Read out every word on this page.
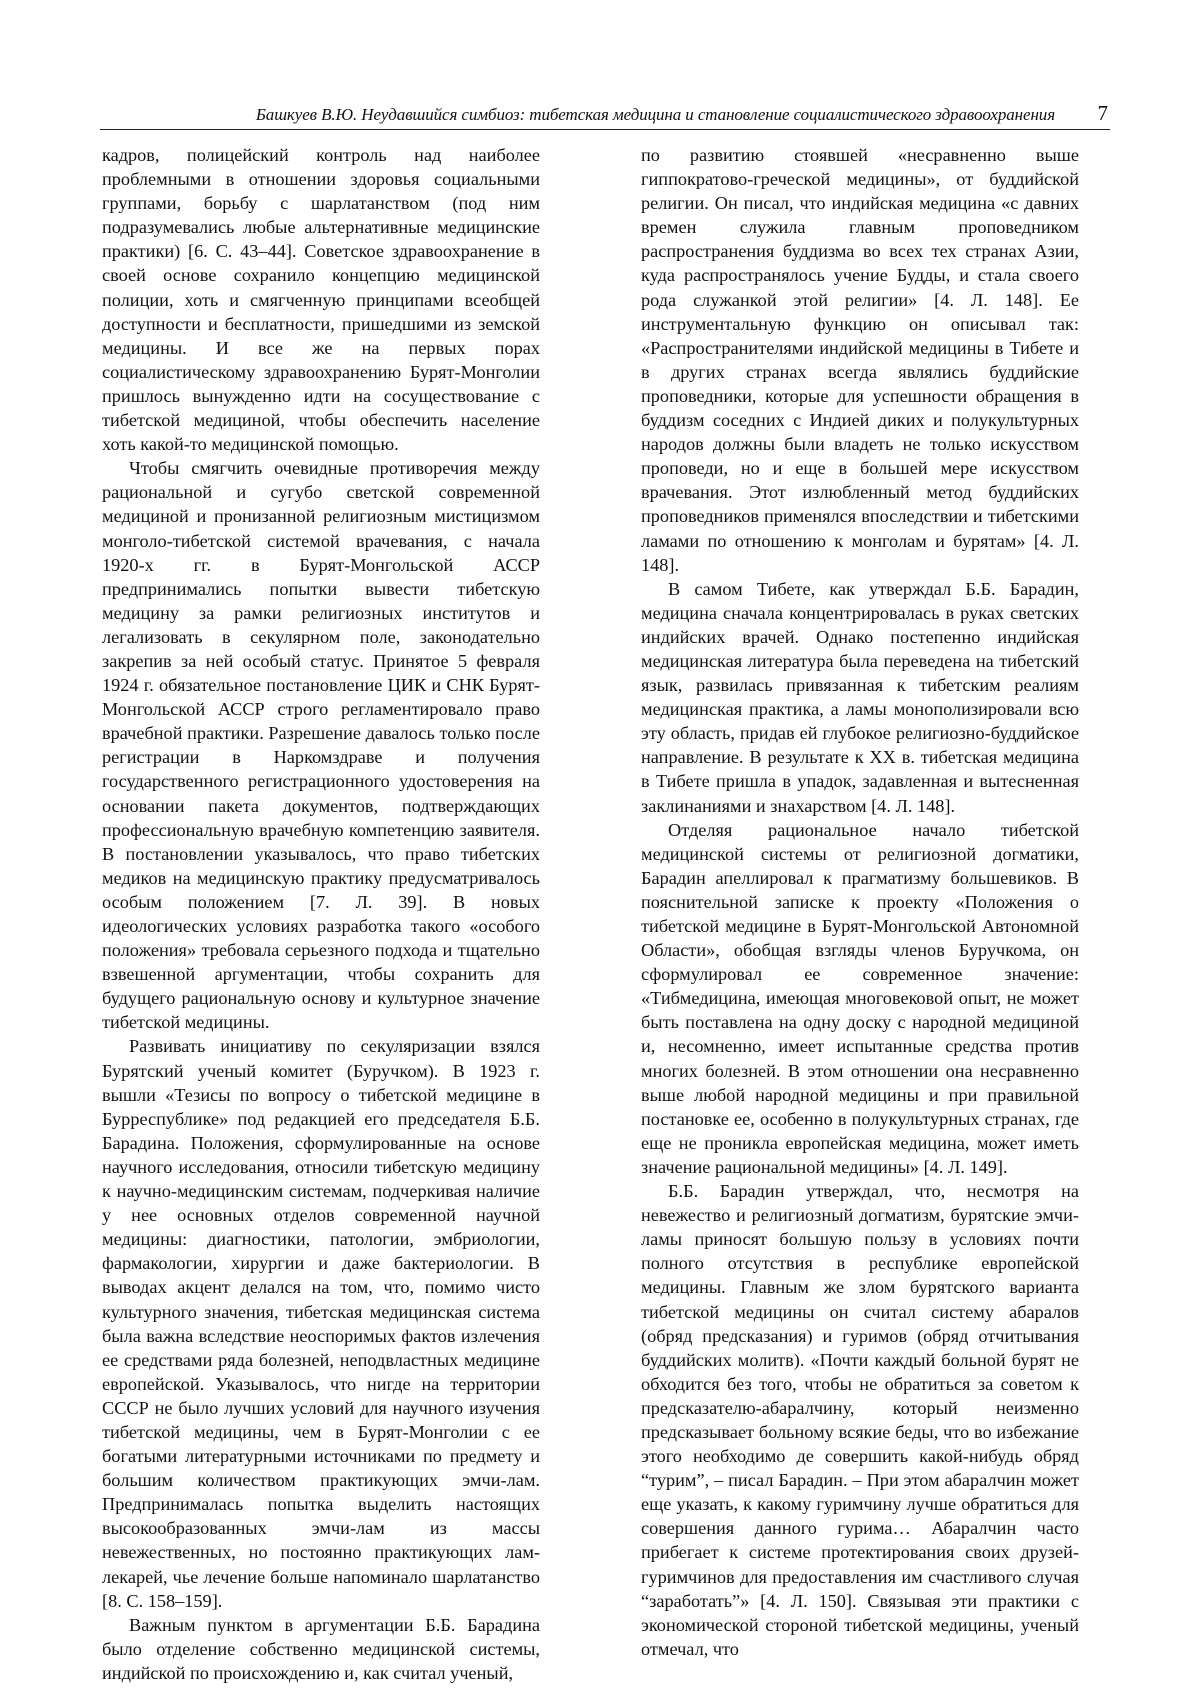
Башкуев В.Ю. Неудавшийся симбиоз: тибетская медицина и становление социалистического здравоохранения 7

кадров, полицейский контроль над наиболее проблемными в отношении здоровья социальными группами, борьбу с шарлатанством (под ним подразумевались любые альтернативные медицинские практики) [6. С. 43–44]. Советское здравоохранение в своей основе сохранило концепцию медицинской полиции, хоть и смягченную принципами всеобщей доступности и бесплатности, пришедшими из земской медицины. И все же на первых порах социалистическому здравоохранению Бурят-Монголии пришлось вынужденно идти на сосуществование с тибетской медициной, чтобы обеспечить население хоть какой-то медицинской помощью.

Чтобы смягчить очевидные противоречия между рациональной и сугубо светской современной медициной и пронизанной религиозным мистицизмом монголо-тибетской системой врачевания, с начала 1920-х гг. в Бурят-Монгольской АССР предпринимались попытки вывести тибетскую медицину за рамки религиозных институтов и легализовать в секулярном поле, законодательно закрепив за ней особый статус. Принятое 5 февраля 1924 г. обязательное постановление ЦИК и СНК Бурят-Монгольской АССР строго регламентировало право врачебной практики. Разрешение давалось только после регистрации в Наркомздраве и получения государственного регистрационного удостоверения на основании пакета документов, подтверждающих профессиональную врачебную компетенцию заявителя. В постановлении указывалось, что право тибетских медиков на медицинскую практику предусматривалось особым положением [7. Л. 39]. В новых идеологических условиях разработка такого «особого положения» требовала серьезного подхода и тщательно взвешенной аргументации, чтобы сохранить для будущего рациональную основу и культурное значение тибетской медицины.

Развивать инициативу по секуляризации взялся Бурятский ученый комитет (Буручком). В 1923 г. вышли «Тезисы по вопросу о тибетской медицине в Бурреспублике» под редакцией его председателя Б.Б. Барадина. Положения, сформулированные на основе научного исследования, относили тибетскую медицину к научно-медицинским системам, подчеркивая наличие у нее основных отделов современной научной медицины: диагностики, патологии, эмбриологии, фармакологии, хирургии и даже бактериологии. В выводах акцент делался на том, что, помимо чисто культурного значения, тибетская медицинская система была важна вследствие неоспоримых фактов излечения ее средствами ряда болезней, неподвластных медицине европейской. Указывалось, что нигде на территории СССР не было лучших условий для научного изучения тибетской медицины, чем в Бурят-Монголии с ее богатыми литературными источниками по предмету и большим количеством практикующих эмчи-лам. Предпринималась попытка выделить настоящих высокообразованных эмчи-лам из массы невежественных, но постоянно практикующих лам-лекарей, чье лечение больше напоминало шарлатанство [8. С. 158–159].

Важным пунктом в аргументации Б.Б. Барадина было отделение собственно медицинской системы, индийской по происхождению и, как считал ученый,

по развитию стоявшей «несравненно выше гиппократово-греческой медицины», от буддийской религии. Он писал, что индийская медицина «с давних времен служила главным проповедником распространения буддизма во всех тех странах Азии, куда распространялось учение Будды, и стала своего рода служанкой этой религии» [4. Л. 148]. Ее инструментальную функцию он описывал так: «Распространителями индийской медицины в Тибете и в других странах всегда являлись буддийские проповедники, которые для успешности обращения в буддизм соседних с Индией диких и полукультурных народов должны были владеть не только искусством проповеди, но и еще в большей мере искусством врачевания. Этот излюбленный метод буддийских проповедников применялся впоследствии и тибетскими ламами по отношению к монголам и бурятам» [4. Л. 148].

В самом Тибете, как утверждал Б.Б. Барадин, медицина сначала концентрировалась в руках светских индийских врачей. Однако постепенно индийская медицинская литература была переведена на тибетский язык, развилась привязанная к тибетским реалиям медицинская практика, а ламы монополизировали всю эту область, придав ей глубокое религиозно-буддийское направление. В результате к XX в. тибетская медицина в Тибете пришла в упадок, задавленная и вытесненная заклинаниями и знахарством [4. Л. 148].

Отделяя рациональное начало тибетской медицинской системы от религиозной догматики, Барадин апеллировал к прагматизму большевиков. В пояснительной записке к проекту «Положения о тибетской медицине в Бурят-Монгольской Автономной Области», обобщая взгляды членов Буручкома, он сформулировал ее современное значение: «Тибмедицина, имеющая многовековой опыт, не может быть поставлена на одну доску с народной медициной и, несомненно, имеет испытанные средства против многих болезней. В этом отношении она несравненно выше любой народной медицины и при правильной постановке ее, особенно в полукультурных странах, где еще не проникла европейская медицина, может иметь значение рациональной медицины» [4. Л. 149].

Б.Б. Барадин утверждал, что, несмотря на невежество и религиозный догматизм, бурятские эмчи-ламы приносят большую пользу в условиях почти полного отсутствия в республике европейской медицины. Главным же злом бурятского варианта тибетской медицины он считал систему абаралов (обряд предсказания) и гуримов (обряд отчитывания буддийских молитв). «Почти каждый больной бурят не обходится без того, чтобы не обратиться за советом к предсказателю-абаралчину, который неизменно предсказывает больному всякие беды, что во избежание этого необходимо де совершить какой-нибудь обряд “турим”, – писал Барадин. – При этом абаралчин может еще указать, к какому гуримчину лучше обратиться для совершения данного гурима… Абаралчин часто прибегает к системе протектирования своих друзей-гуримчинов для предоставления им счастливого случая “заработать”» [4. Л. 150]. Связывая эти практики с экономической стороной тибетской медицины, ученый отмечал, что
